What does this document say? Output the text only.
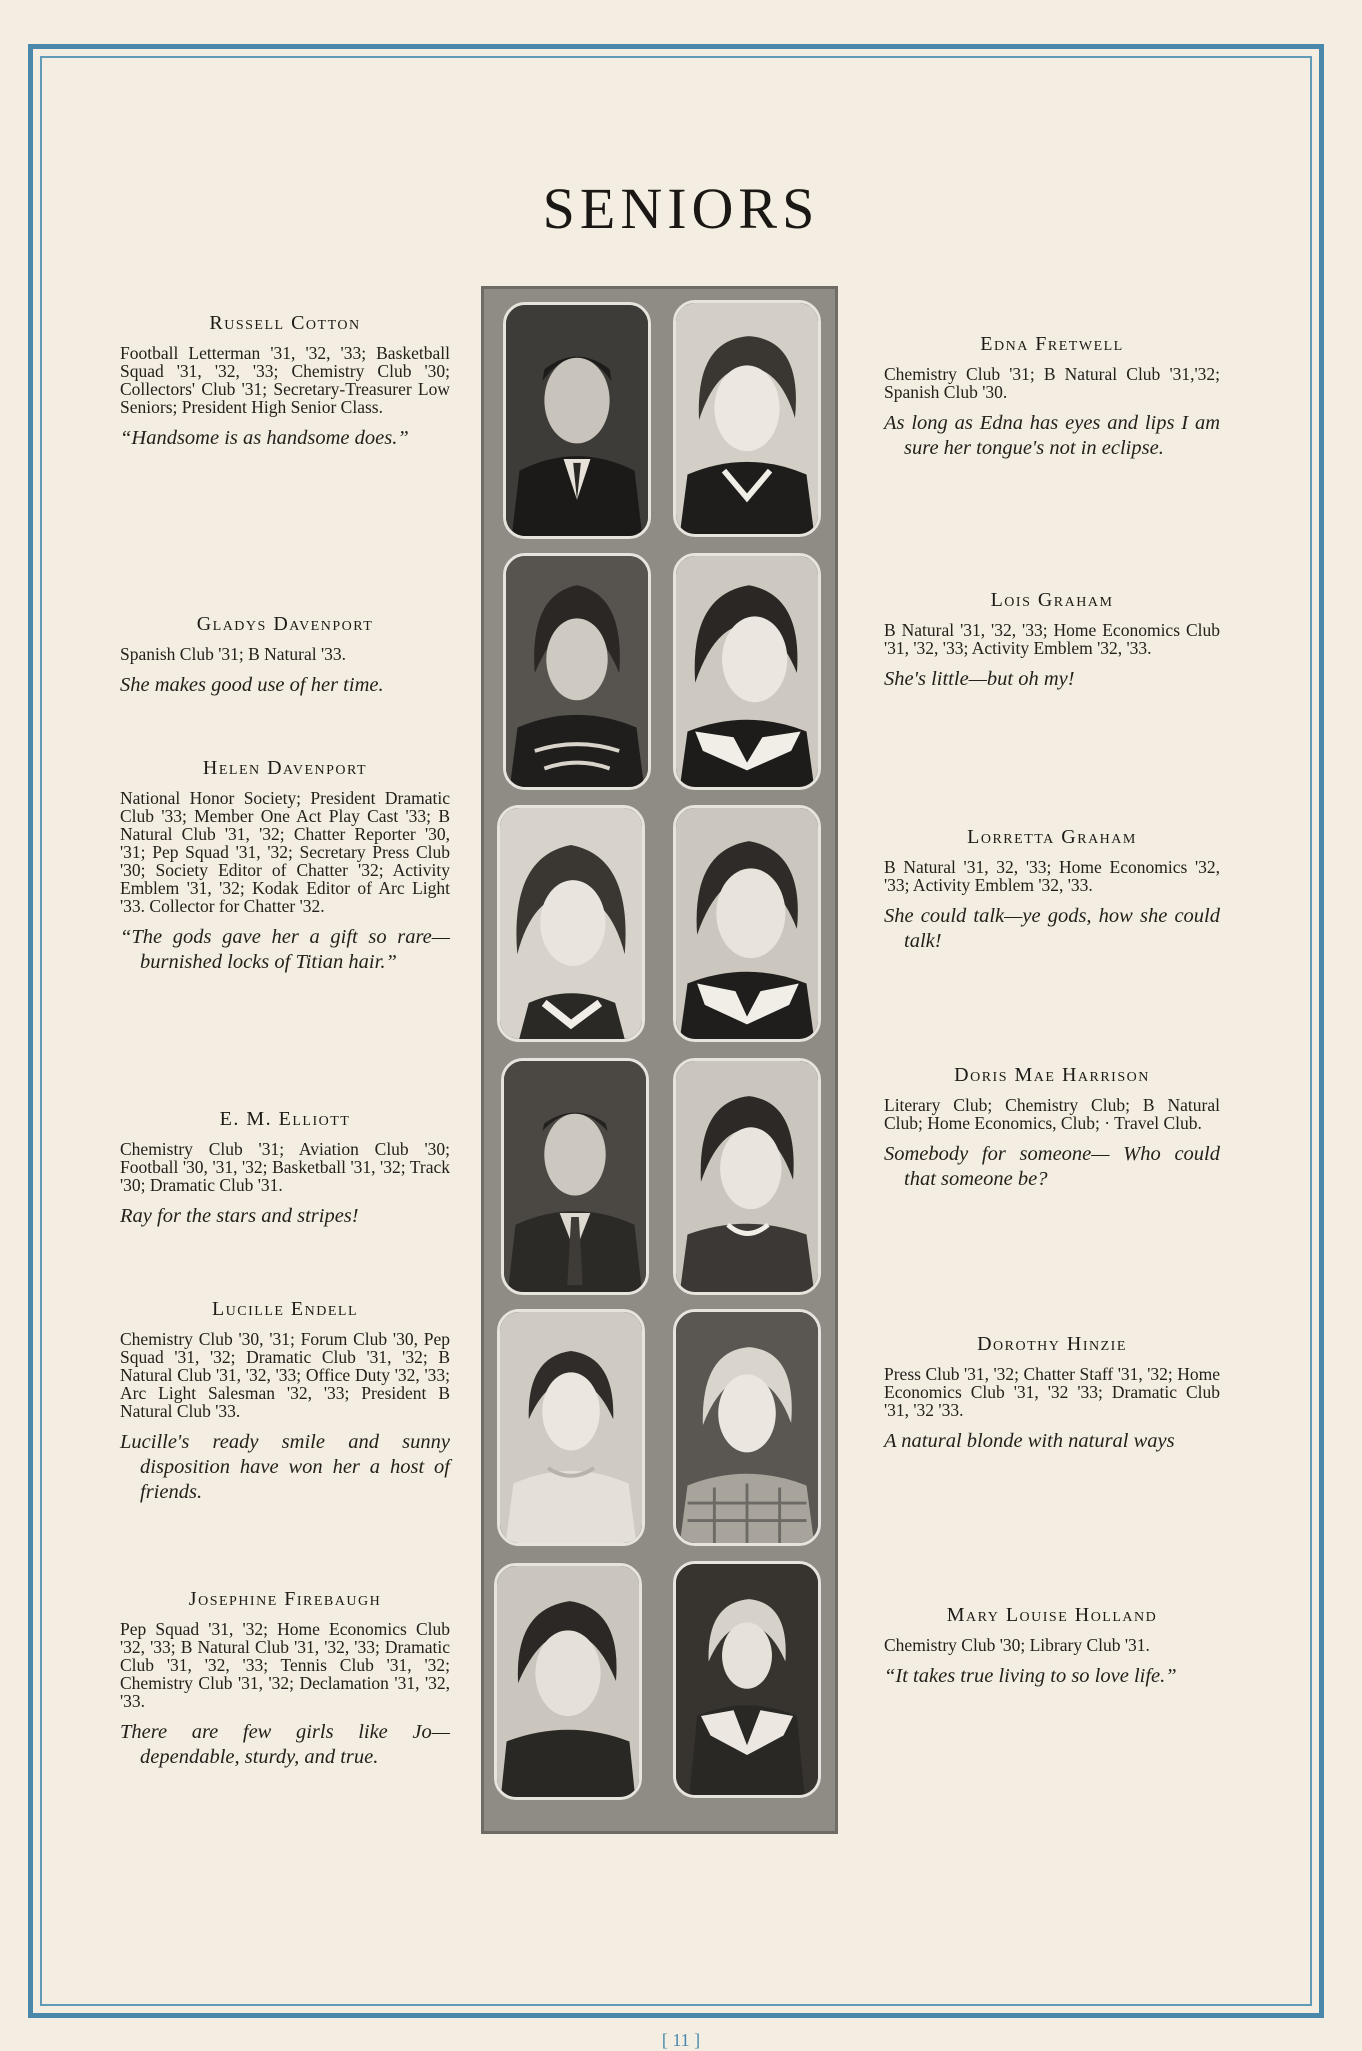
SENIORS
Russell Cotton
Football Letterman '31, '32, '33; Basketball Squad '31, '32, '33; Chemistry Club '30; Collectors' Club '31; Secretary-Treasurer Low Seniors; President High Senior Class.
“Handsome is as handsome does.”
Gladys Davenport
Spanish Club '31; B Natural '33.
She makes good use of her time.
Helen Davenport
National Honor Society; President Dramatic Club '33; Member One Act Play Cast '33; B Natural Club '31, '32; Chatter Reporter '30, '31; Pep Squad '31, '32; Secretary Press Club '30; Society Editor of Chatter '32; Activity Emblem '31, '32; Kodak Editor of Arc Light '33. Collector for Chatter '32.
“The gods gave her a gift so rare—burnished locks of Titian hair.”
E. M. Elliott
Chemistry Club '31; Aviation Club '30; Football '30, '31, '32; Basketball '31, '32; Track '30; Dramatic Club '31.
Ray for the stars and stripes!
Lucille Endell
Chemistry Club '30, '31; Forum Club '30, Pep Squad '31, '32; Dramatic Club '31, '32; B Natural Club '31, '32, '33; Office Duty '32, '33; Arc Light Salesman '32, '33; President B Natural Club '33.
Lucille's ready smile and sunny disposition have won her a host of friends.
Josephine Firebaugh
Pep Squad '31, '32; Home Economics Club '32, '33; B Natural Club '31, '32, '33; Dramatic Club '31, '32, '33; Tennis Club '31, '32; Chemistry Club '31, '32; Declamation '31, '32, '33.
There are few girls like Jo—dependable, sturdy, and true.
Edna Fretwell
Chemistry Club '31; B Natural Club '31,'32; Spanish Club '30.
As long as Edna has eyes and lips I am sure her tongue's not in eclipse.
Lois Graham
B Natural '31, '32, '33; Home Economics Club '31, '32, '33; Activity Emblem '32, '33.
She's little—but oh my!
Lorretta Graham
B Natural '31, 32, '33; Home Economics '32, '33; Activity Emblem '32, '33.
She could talk—ye gods, how she could talk!
Doris Mae Harrison
Literary Club; Chemistry Club; B Natural Club; Home Economics, Club; · Travel Club.
Somebody for someone— Who could that someone be?
Dorothy Hinzie
Press Club '31, '32; Chatter Staff '31, '32; Home Economics Club '31, '32 '33; Dramatic Club '31, '32 '33.
A natural blonde with natural ways
Mary Louise Holland
Chemistry Club '30; Library Club '31.
“It takes true living to so love life.”
[ 11 ]
